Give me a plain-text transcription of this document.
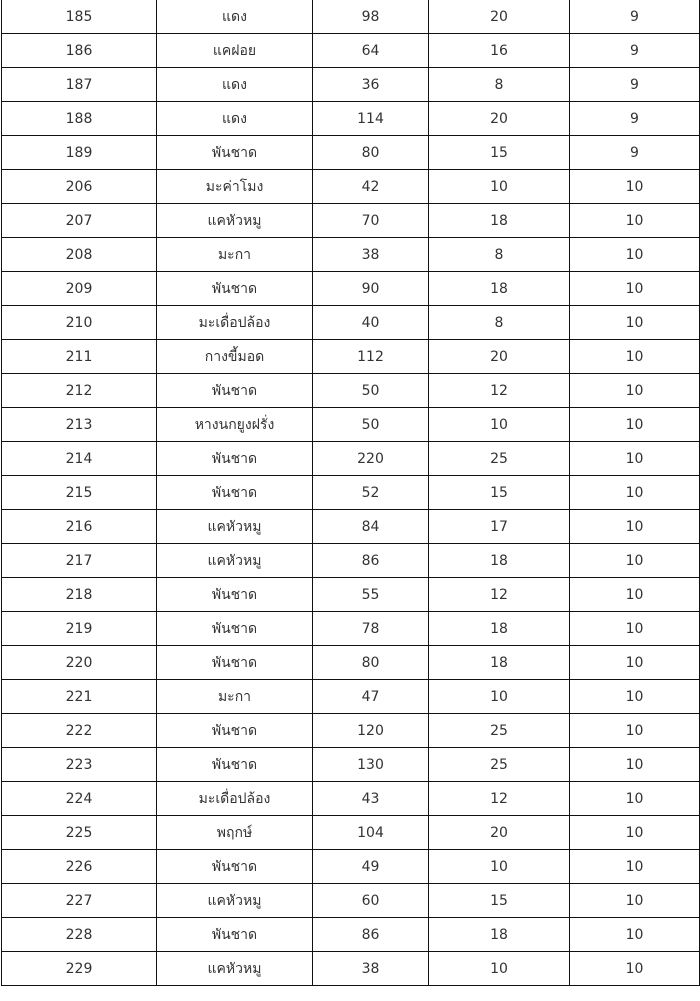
185	แดง	98	20	9
186	แคฝอย	64	16	9
187	แดง	36	8	9
188	แดง	114	20	9
189	พันชาด	80	15	9
206	มะค่าโมง	42	10	10
207	แคหัวหมู	70	18	10
208	มะกา	38	8	10
209	พันชาด	90	18	10
210	มะเดื่อปล้อง	40	8	10
211	กางขี้มอด	112	20	10
212	พันชาด	50	12	10
213	หางนกยูงฝรั่ง	50	10	10
214	พันชาด	220	25	10
215	พันชาด	52	15	10
216	แคหัวหมู	84	17	10
217	แคหัวหมู	86	18	10
218	พันชาด	55	12	10
219	พันชาด	78	18	10
220	พันชาด	80	18	10
221	มะกา	47	10	10
222	พันชาด	120	25	10
223	พันชาด	130	25	10
224	มะเดื่อปล้อง	43	12	10
225	พฤกษ์	104	20	10
226	พันชาด	49	10	10
227	แคหัวหมู	60	15	10
228	พันชาด	86	18	10
229	แคหัวหมู	38	10	10
